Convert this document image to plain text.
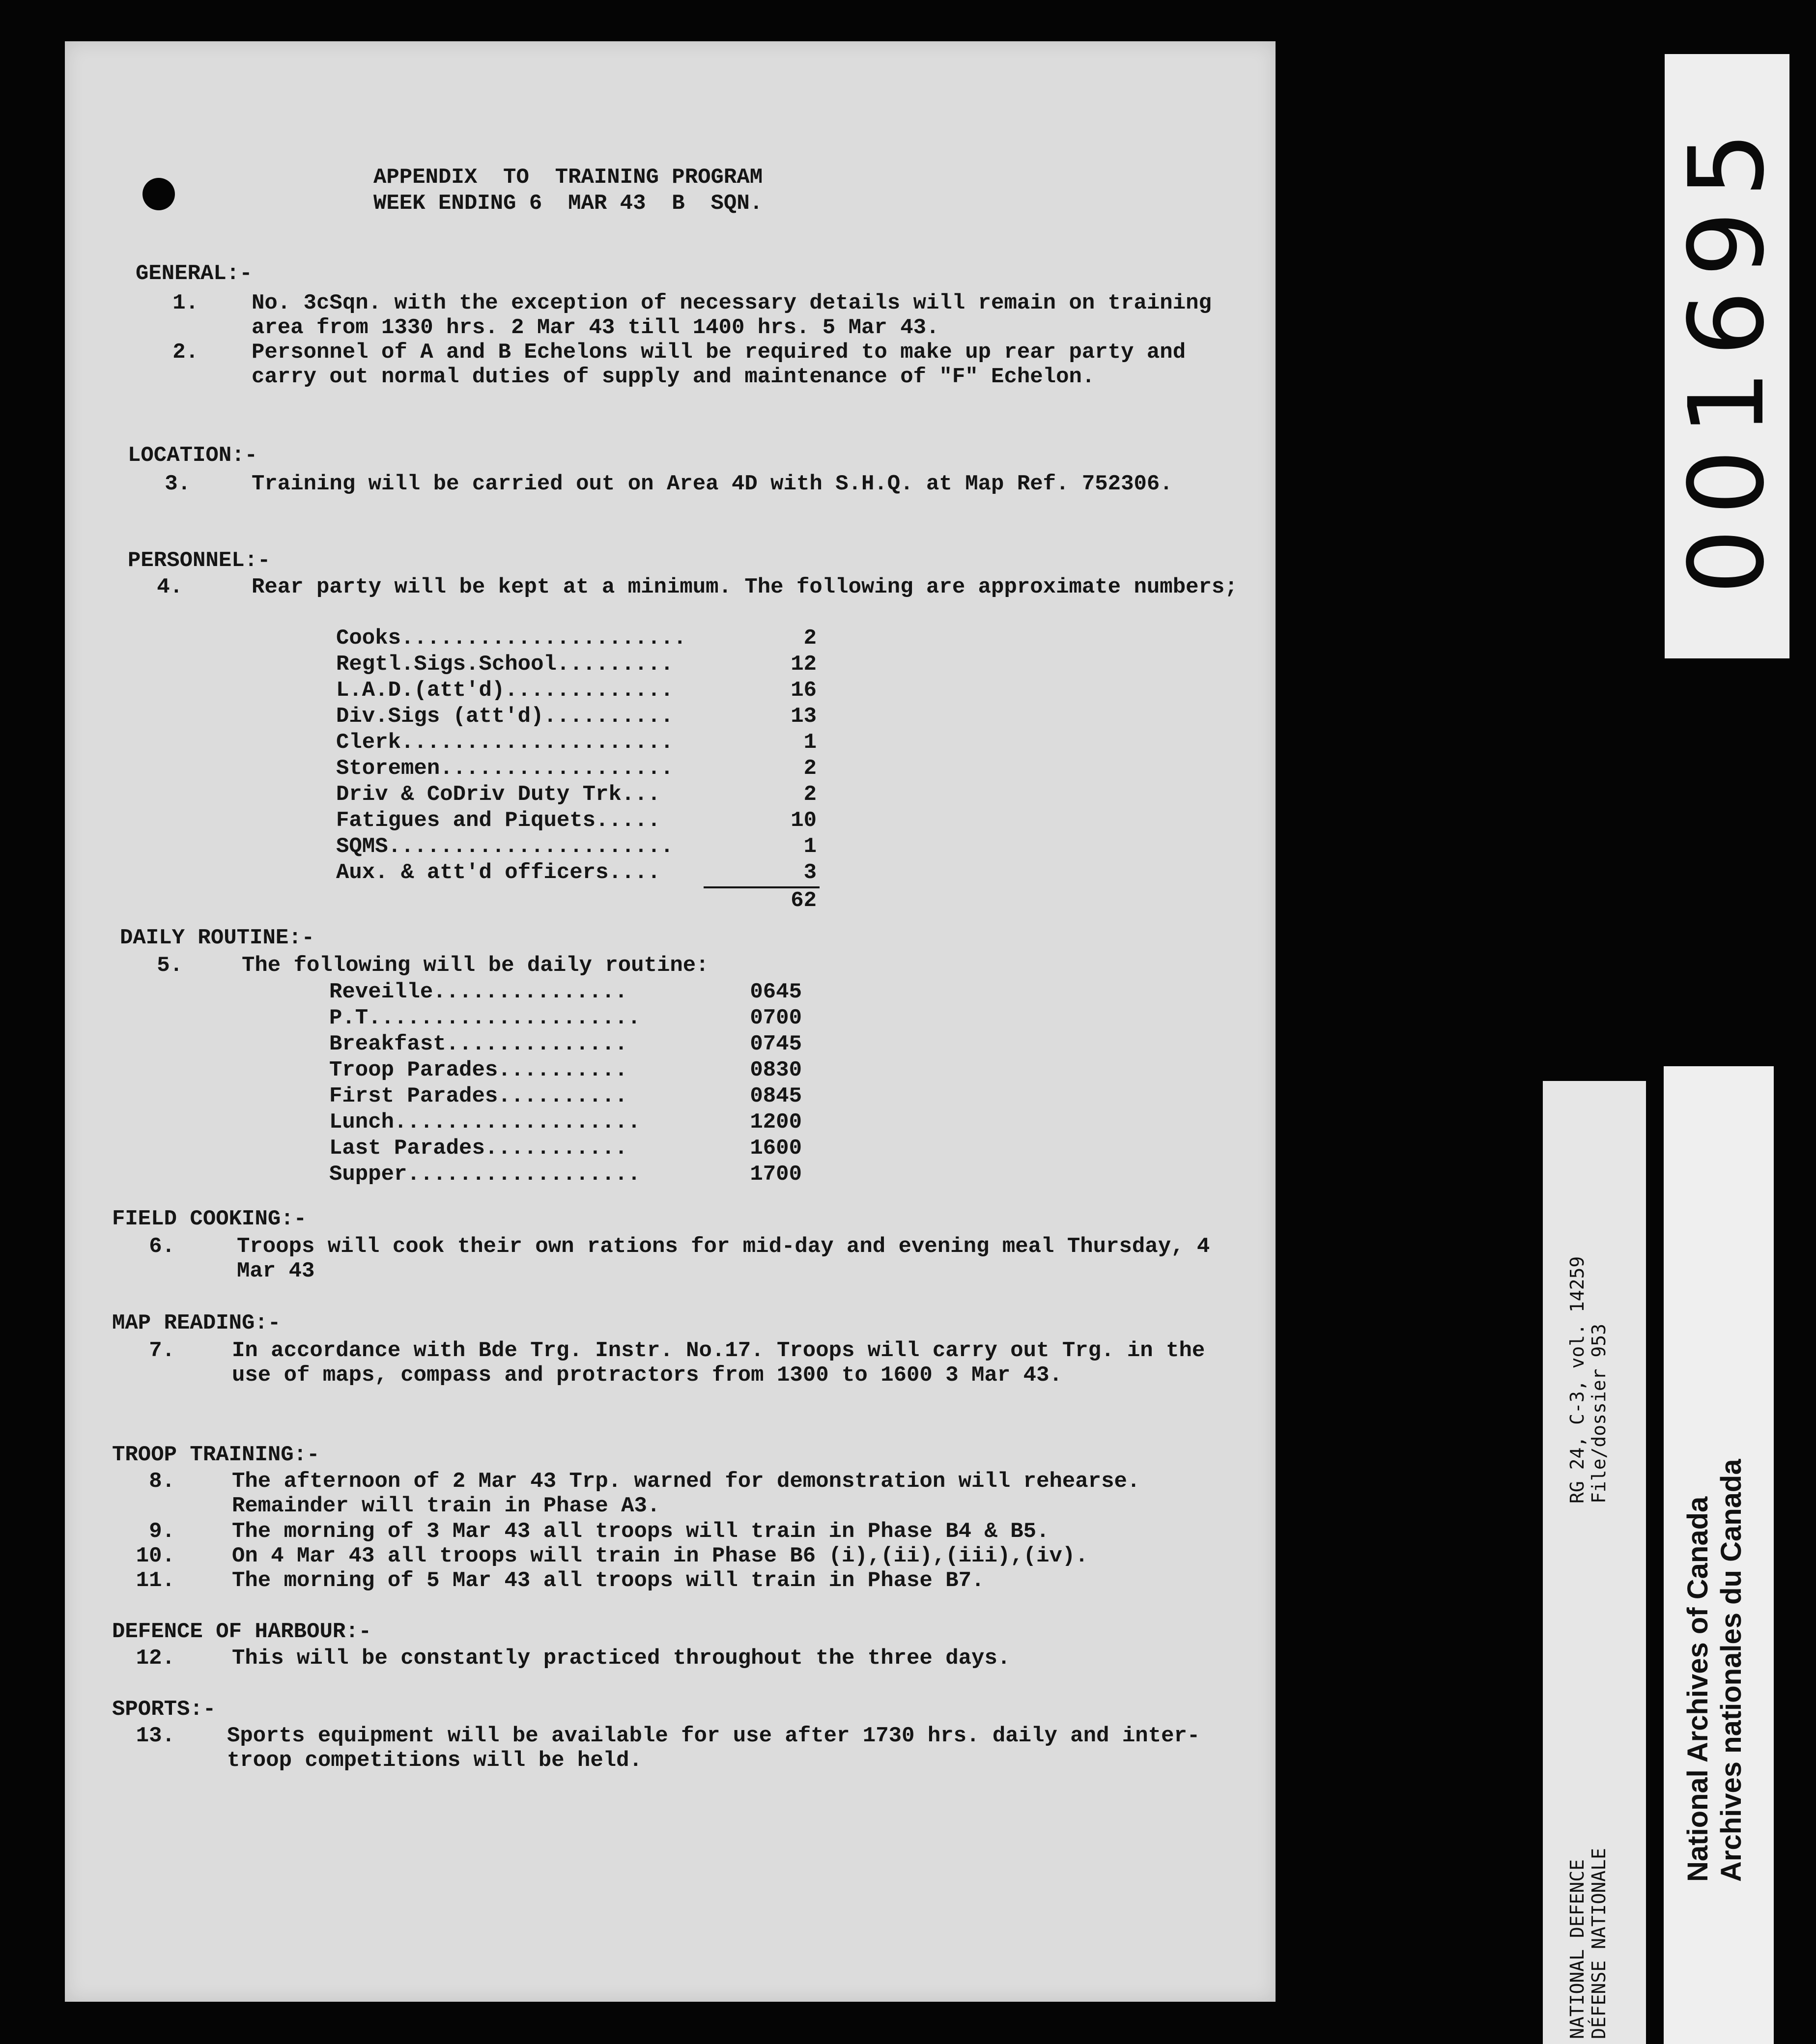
APPENDIX  TO  TRAINING PROGRAM
WEEK ENDING 6  MAR 43  B  SQN.
GENERAL:-
1. No. 3cSqn. with the exception of necessary details will remain on training area from 1330 hrs. 2 Mar 43 till 1400 hrs. 5 Mar 43.
2. Personnel of A and B Echelons will be required to make up rear party and carry out normal duties of supply and maintenance of "F" Echelon.
LOCATION:-
3.	Training will be carried out on Area 4D with S.H.Q. at Map Ref. 752306.
PERSONNEL:-
4.	Rear party will be kept at a minimum. The following are approximate numbers;
Cooks......................	2
Regtl.Sigs.School.........	12
L.A.D.(att'd).............	16
Div.Sigs (att'd)..........	13
Clerk.....................	1
Storemen..................	2
Driv & CoDriv Duty Trk...	2
Fatigues and Piquets.....	10
SQMS......................	1
Aux. & att'd officers....	3
62
DAILY ROUTINE:-
5.	The following will be daily routine:
Reveille...............	0645
P.T.....................	0700
Breakfast..............	0745
Troop Parades..........	0830
First Parades..........	0845
Lunch...................	1200
Last Parades...........	1600
Supper..................	1700
FIELD COOKING:-
6.	Troops will cook their own rations for mid-day and evening meal Thursday, 4 Mar 43
MAP READING:-
7.	In accordance with Bde Trg. Instr. No.17. Troops will carry out Trg. in the use of maps, compass and protractors from 1300 to 1600 3 Mar 43.
TROOP TRAINING:-
8.	The afternoon of 2 Mar 43 Trp. warned for demonstration will rehearse. Remainder will train in Phase A3.
9.	The morning of 3 Mar 43 all troops will train in Phase B4 & B5.
10.	On 4 Mar 43 all troops will train in Phase B6 (i),(ii),(iii),(iv).
11.	The morning of 5 Mar 43 all troops will train in Phase B7.
DEFENCE OF HARBOUR:-
12.	This will be constantly practiced throughout the three days.
SPORTS:-
13. Sports equipment will be available for use after 1730 hrs. daily and inter-troop competitions will be held.
001695
RG 24, C-3, vol. 14259 File/dossier 953
NATIONAL DEFENCE DÉFENSE NATIONALE
National Archives of Canada Archives nationales du Canada
